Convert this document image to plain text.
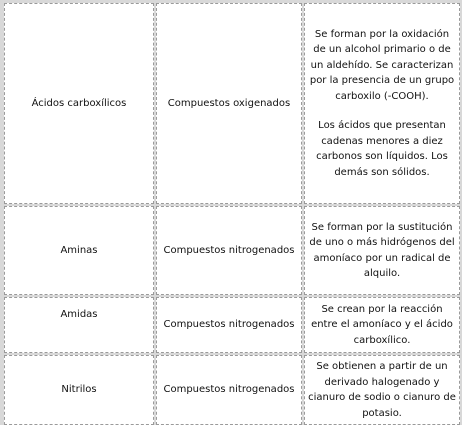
Ácidos carboxílicos	Compuestos oxigenados	Se forman por la oxidación de un alcohol primario o de un aldehído. Se caracterizan por la presencia de un grupo carboxilo (-COOH).
Los ácidos que presentan cadenas menores a diez carbonos son líquidos. Los demás son sólidos.

Aminas	Compuestos nitrogenados	Se forman por la sustitución de uno o más hidrógenos del amoníaco por un radical de alquilo.

Amidas	Compuestos nitrogenados	Se crean por la reacción entre el amoníaco y el ácido carboxílico.

Nitrilos	Compuestos nitrogenados	Se obtienen a partir de un derivado halogenado y cianuro de sodio o cianuro de potasio.
